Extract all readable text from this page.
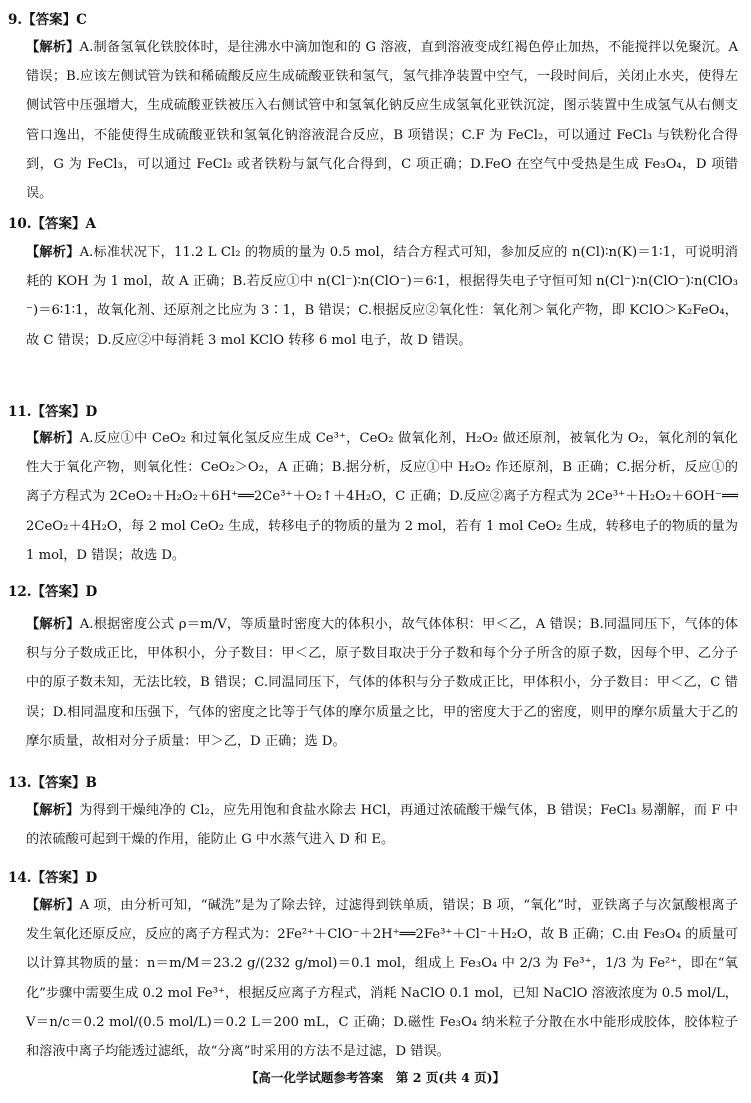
9.【答案】C
【解析】A.制备氢氧化铁胶体时，是往沸水中滴加饱和的 G 溶液，直到溶液变成红褐色停止加热，不能搅拌以免聚沉。A 错误；B.应该左侧试管为铁和稀硫酸反应生成硫酸亚铁和氢气，氢气排净装置中空气，一段时间后，关闭止水夹，使得左侧试管中压强增大，生成硫酸亚铁被压入右侧试管中和氢氧化钠反应生成氢氧化亚铁沉淀，图示装置中生成氢气从右侧支管口逸出，不能使得生成硫酸亚铁和氢氧化钠溶液混合反应，B 项错误；C.F 为 FeCl₂，可以通过 FeCl₃ 与铁粉化合得到，G 为 FeCl₃，可以通过 FeCl₂ 或者铁粉与氯气化合得到，C 项正确；D.FeO 在空气中受热是生成 Fe₃O₄，D 项错误。
10.【答案】A
【解析】A.标准状况下，11.2 L Cl₂ 的物质的量为 0.5 mol，结合方程式可知，参加反应的 n(Cl)∶n(K)＝1∶1，可说明消耗的 KOH 为 1 mol，故 A 正确；B.若反应①中 n(Cl⁻)∶n(ClO⁻)＝6∶1，根据得失电子守恒可知 n(Cl⁻)∶n(ClO⁻)∶n(ClO₃⁻)＝6∶1∶1，故氧化剂、还原剂之比应为 3∶1，B 错误；C.根据反应②氧化性：氧化剂＞氧化产物，即 KClO＞K₂FeO₄，故 C 错误；D.反应②中每消耗 3 mol KClO 转移 6 mol 电子，故 D 错误。
11.【答案】D
【解析】A.反应①中 CeO₂ 和过氧化氢反应生成 Ce³⁺，CeO₂ 做氧化剂，H₂O₂ 做还原剂，被氧化为 O₂，氧化剂的氧化性大于氧化产物，则氧化性：CeO₂＞O₂，A 正确；B.据分析，反应①中 H₂O₂ 作还原剂，B 正确；C.据分析，反应①的离子方程式为 2CeO₂＋H₂O₂＋6H⁺══2Ce³⁺＋O₂↑＋4H₂O，C 正确；D.反应②离子方程式为 2Ce³⁺＋H₂O₂＋6OH⁻══2CeO₂＋4H₂O，每 2 mol CeO₂ 生成，转移电子的物质的量为 2 mol，若有 1 mol CeO₂ 生成，转移电子的物质的量为 1 mol，D 错误；故选 D。
12.【答案】D
【解析】A.根据密度公式 ρ＝m/V，等质量时密度大的体积小，故气体体积：甲＜乙，A 错误；B.同温同压下，气体的体积与分子数成正比，甲体积小，分子数目：甲＜乙，原子数目取决于分子数和每个分子所含的原子数，因每个甲、乙分子中的原子数未知，无法比较，B 错误；C.同温同压下，气体的体积与分子数成正比，甲体积小，分子数目：甲＜乙，C 错误；D.相同温度和压强下，气体的密度之比等于气体的摩尔质量之比，甲的密度大于乙的密度，则甲的摩尔质量大于乙的摩尔质量，故相对分子质量：甲＞乙，D 正确；选 D。
13.【答案】B
【解析】为得到干燥纯净的 Cl₂，应先用饱和食盐水除去 HCl，再通过浓硫酸干燥气体，B 错误；FeCl₃ 易潮解，而 F 中的浓硫酸可起到干燥的作用，能防止 G 中水蒸气进入 D 和 E。
14.【答案】D
【解析】A 项，由分析可知，“碱洗”是为了除去锌，过滤得到铁单质，错误；B 项，“氧化”时，亚铁离子与次氯酸根离子发生氧化还原反应，反应的离子方程式为：2Fe²⁺＋ClO⁻＋2H⁺══2Fe³⁺＋Cl⁻＋H₂O，故 B 正确；C.由 Fe₃O₄ 的质量可以计算其物质的量：n＝m/M＝23.2 g/(232 g/mol)＝0.1 mol，组成上 Fe₃O₄ 中 2/3 为 Fe³⁺，1/3 为 Fe²⁺，即在“氧化”步骤中需要生成 0.2 mol Fe³⁺，根据反应离子方程式，消耗 NaClO 0.1 mol，已知 NaClO 溶液浓度为 0.5 mol/L，V＝n/c＝0.2 mol/(0.5 mol/L)＝0.2 L＝200 mL，C 正确；D.磁性 Fe₃O₄ 纳米粒子分散在水中能形成胶体，胶体粒子和溶液中离子均能透过滤纸，故“分离”时采用的方法不是过滤，D 错误。
【高一化学试题参考答案　第 2 页(共 4 页)】
